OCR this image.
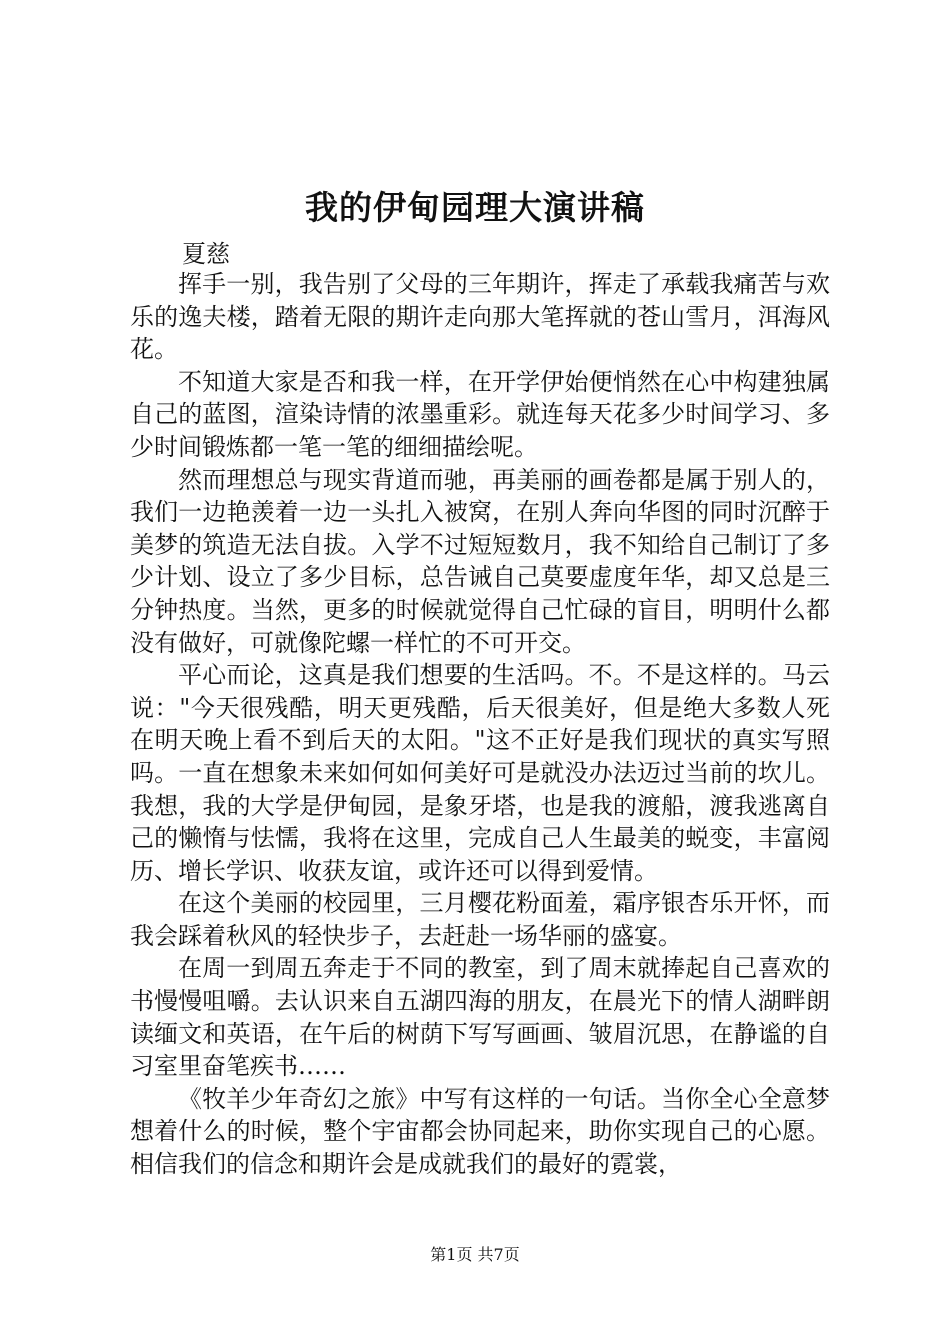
我的伊甸园理大演讲稿
夏慈

挥手一别，我告别了父母的三年期许，挥走了承载我痛苦与欢乐的逸夫楼，踏着无限的期许走向那大笔挥就的苍山雪月，洱海风花。

不知道大家是否和我一样，在开学伊始便悄然在心中构建独属自己的蓝图，渲染诗情的浓墨重彩。就连每天花多少时间学习、多少时间锻炼都一笔一笔的细细描绘呢。

然而理想总与现实背道而驰，再美丽的画卷都是属于别人的，我们一边艳羡着一边一头扎入被窝，在别人奔向华图的同时沉醉于美梦的筑造无法自拔。入学不过短短数月，我不知给自己制订了多少计划、设立了多少目标，总告诫自己莫要虚度年华，却又总是三分钟热度。当然，更多的时候就觉得自己忙碌的盲目，明明什么都没有做好，可就像陀螺一样忙的不可开交。

平心而论，这真是我们想要的生活吗。不。不是这样的。马云说："今天很残酷，明天更残酷，后天很美好，但是绝大多数人死在明天晚上看不到后天的太阳。"这不正好是我们现状的真实写照吗。一直在想象未来如何如何美好可是就没办法迈过当前的坎儿。我想，我的大学是伊甸园，是象牙塔，也是我的渡船，渡我逃离自己的懒惰与怯懦，我将在这里，完成自己人生最美的蜕变，丰富阅历、增长学识、收获友谊，或许还可以得到爱情。

在这个美丽的校园里，三月樱花粉面羞，霜序银杏乐开怀，而我会踩着秋风的轻快步子，去赶赴一场华丽的盛宴。

在周一到周五奔走于不同的教室，到了周末就捧起自己喜欢的书慢慢咀嚼。去认识来自五湖四海的朋友，在晨光下的情人湖畔朗读缅文和英语，在午后的树荫下写写画画、皱眉沉思，在静谧的自习室里奋笔疾书……

《牧羊少年奇幻之旅》中写有这样的一句话。当你全心全意梦想着什么的时候，整个宇宙都会协同起来，助你实现自己的心愿。相信我们的信念和期许会是成就我们的最好的霓裳，

第1页 共7页
